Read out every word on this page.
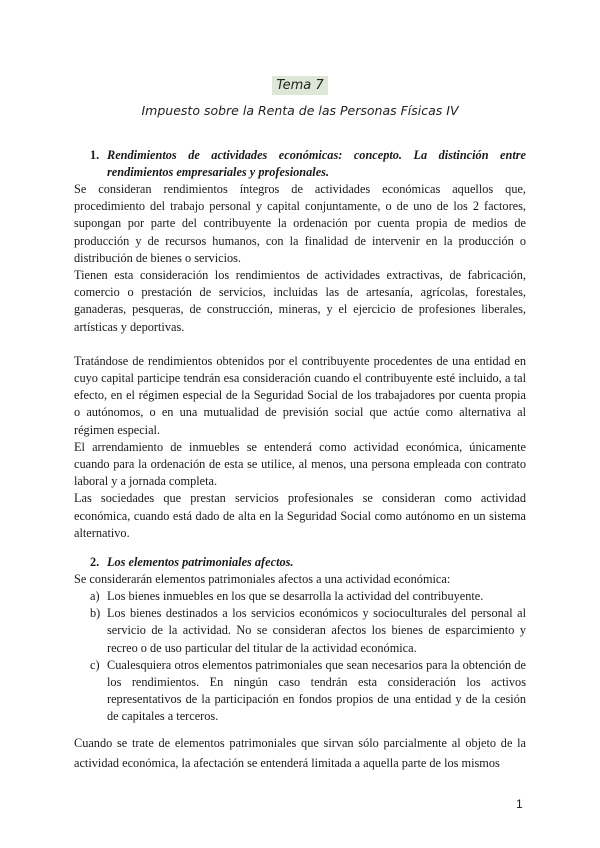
Tema 7
Impuesto sobre la Renta de las Personas Físicas IV
1. Rendimientos de actividades económicas: concepto. La distinción entre rendimientos empresariales y profesionales.

Se consideran rendimientos íntegros de actividades económicas aquellos que, procedimiento del trabajo personal y capital conjuntamente, o de uno de los 2 factores, supongan por parte del contribuyente la ordenación por cuenta propia de medios de producción y de recursos humanos, con la finalidad de intervenir en la producción o distribución de bienes o servicios.

Tienen esta consideración los rendimientos de actividades extractivas, de fabricación, comercio o prestación de servicios, incluidas las de artesanía, agrícolas, forestales, ganaderas, pesqueras, de construcción, mineras, y el ejercicio de profesiones liberales, artísticas y deportivas.

Tratándose de rendimientos obtenidos por el contribuyente procedentes de una entidad en cuyo capital participe tendrán esa consideración cuando el contribuyente esté incluido, a tal efecto, en el régimen especial de la Seguridad Social de los trabajadores por cuenta propia o autónomos, o en una mutualidad de previsión social que actúe como alternativa al régimen especial.

El arrendamiento de inmuebles se entenderá como actividad económica, únicamente cuando para la ordenación de esta se utilice, al menos, una persona empleada con contrato laboral y a jornada completa.

Las sociedades que prestan servicios profesionales se consideran como actividad económica, cuando está dado de alta en la Seguridad Social como autónomo en un sistema alternativo.

2. Los elementos patrimoniales afectos.

Se considerarán elementos patrimoniales afectos a una actividad económica:

a) Los bienes inmuebles en los que se desarrolla la actividad del contribuyente.
b) Los bienes destinados a los servicios económicos y socioculturales del personal al servicio de la actividad. No se consideran afectos los bienes de esparcimiento y recreo o de uso particular del titular de la actividad económica.
c) Cualesquiera otros elementos patrimoniales que sean necesarios para la obtención de los rendimientos. En ningún caso tendrán esta consideración los activos representativos de la participación en fondos propios de una entidad y de la cesión de capitales a terceros.

Cuando se trate de elementos patrimoniales que sirvan sólo parcialmente al objeto de la actividad económica, la afectación se entenderá limitada a aquella parte de los mismos

1
